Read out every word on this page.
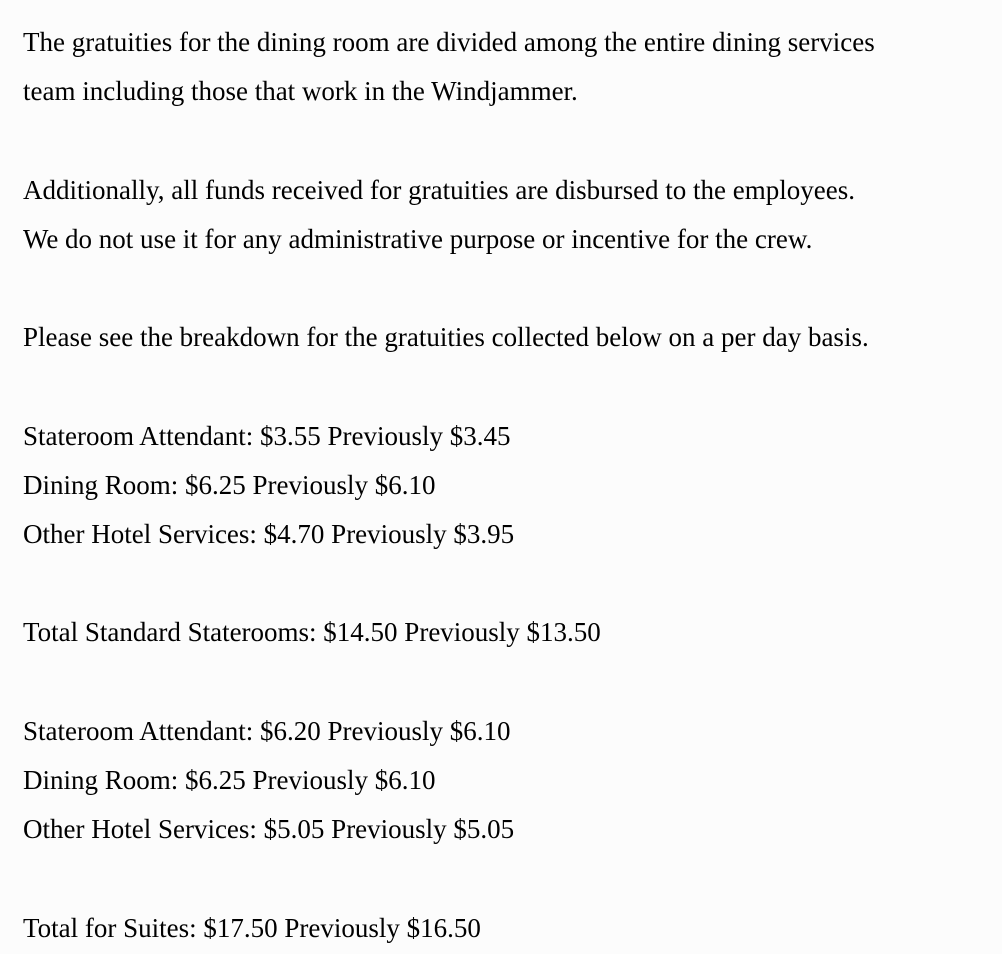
The gratuities for the dining room are divided among the entire dining services
team including those that work in the Windjammer.
Additionally, all funds received for gratuities are disbursed to the employees.
We do not use it for any administrative purpose or incentive for the crew.
Please see the breakdown for the gratuities collected below on a per day basis.
Stateroom Attendant: $3.55 Previously $3.45
Dining Room: $6.25 Previously $6.10
Other Hotel Services: $4.70 Previously $3.95
Total Standard Staterooms: $14.50 Previously $13.50
Stateroom Attendant: $6.20 Previously $6.10
Dining Room: $6.25 Previously $6.10
Other Hotel Services: $5.05 Previously $5.05
Total for Suites: $17.50 Previously $16.50
